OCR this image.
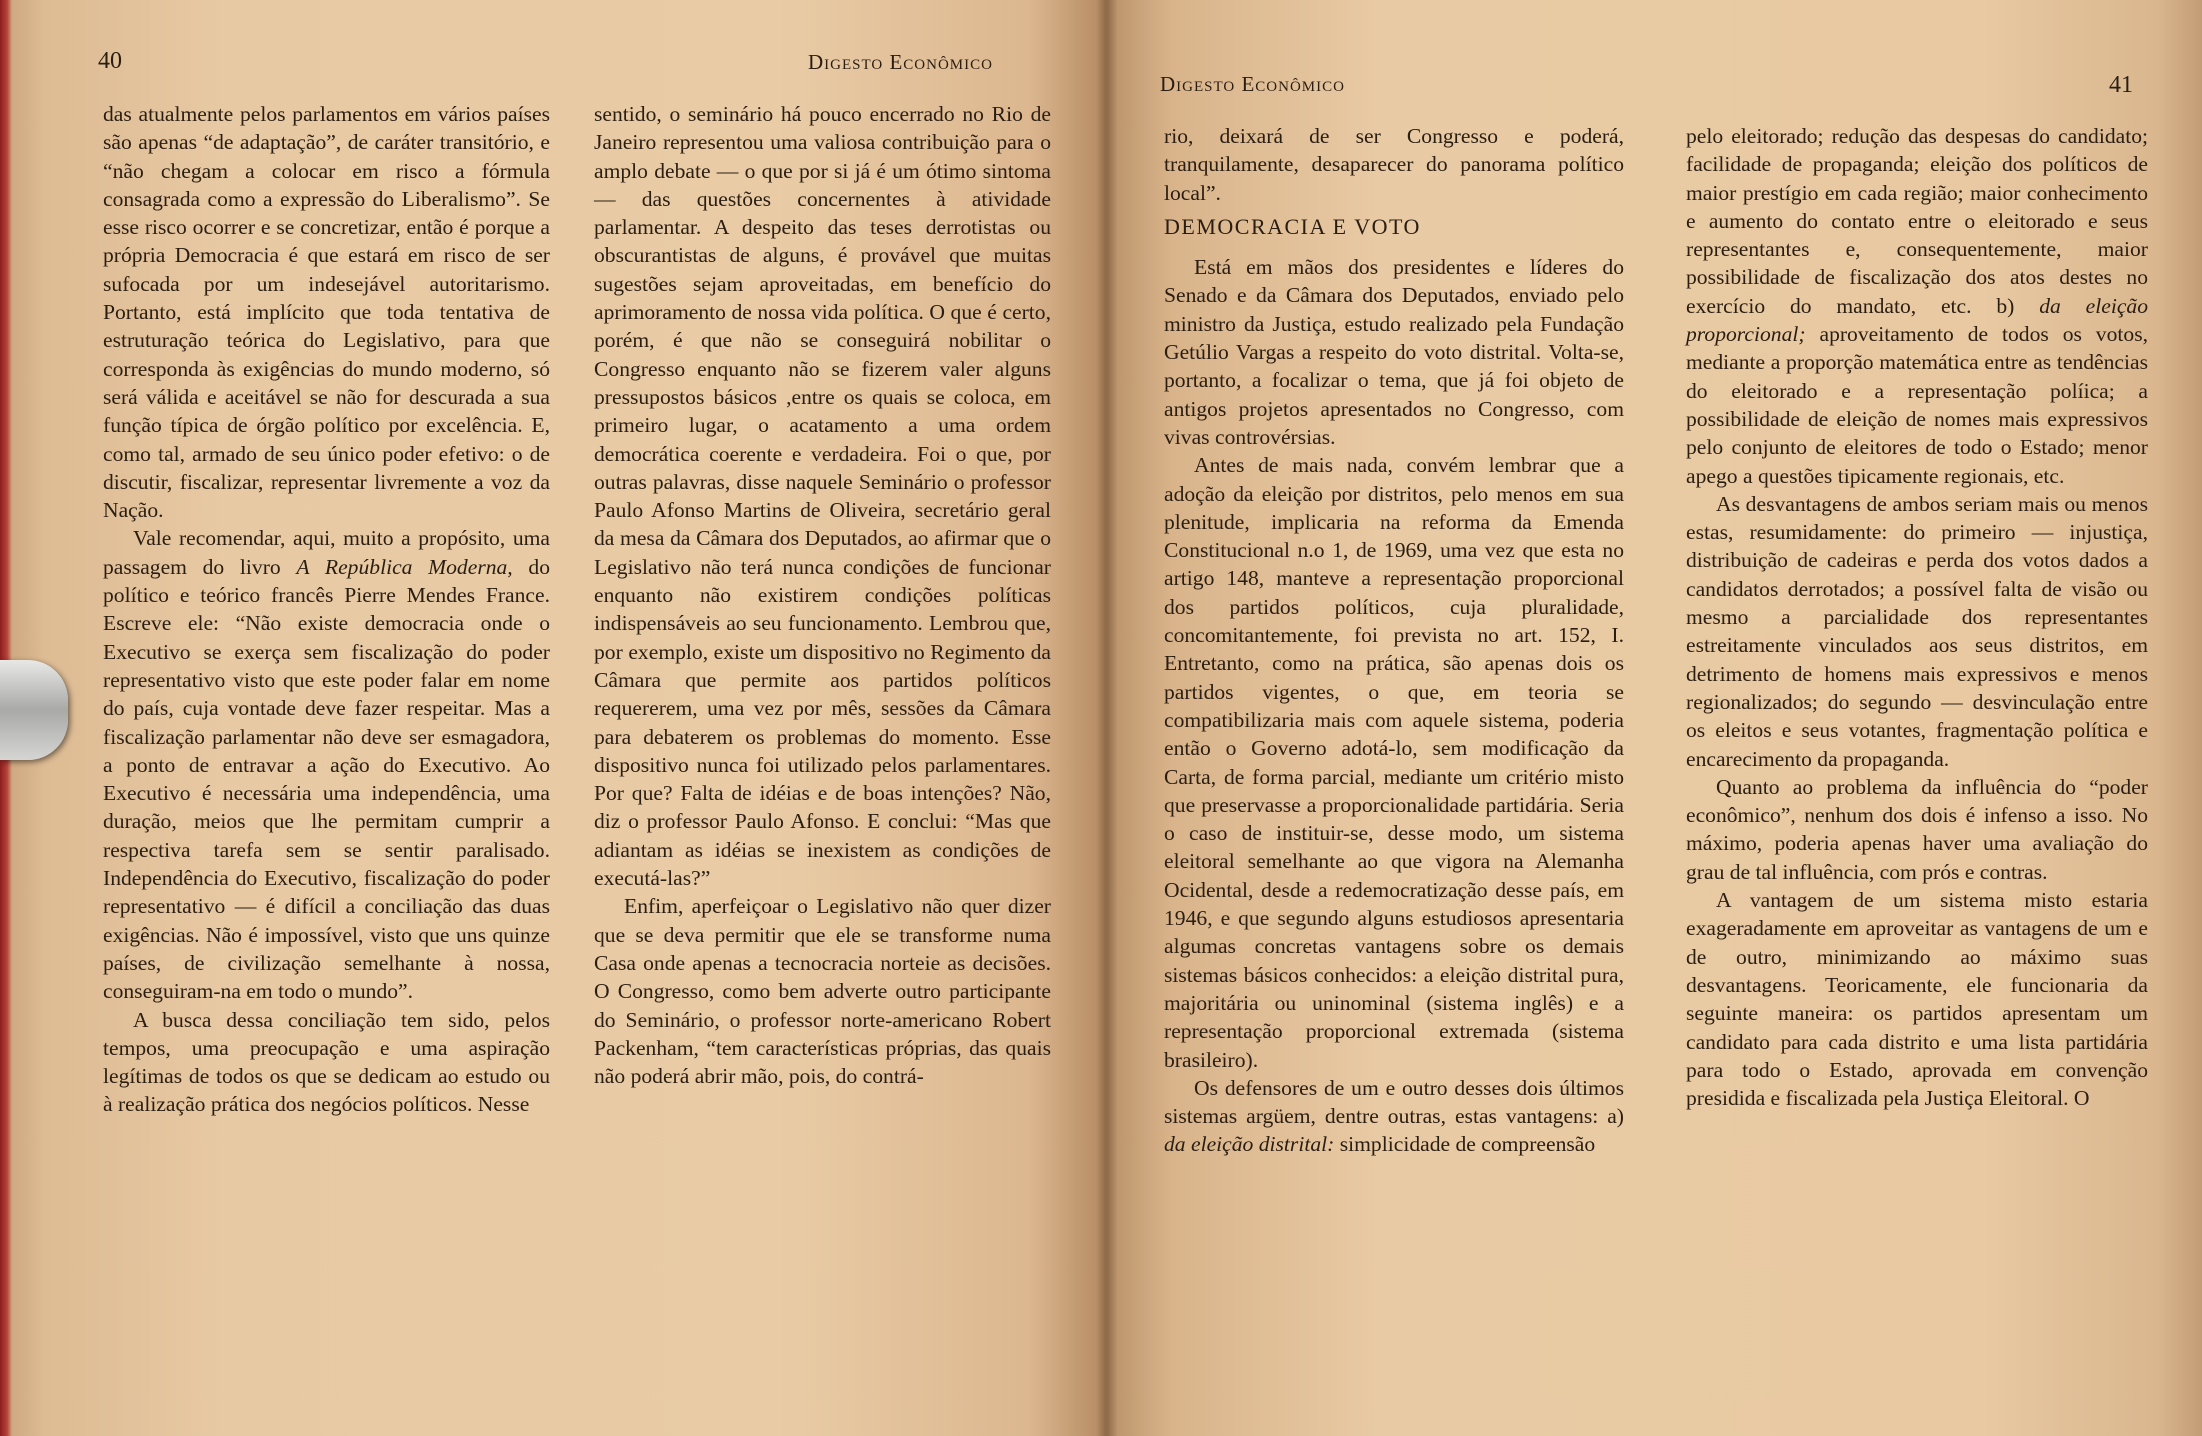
40	Digesto Econômico

das atualmente pelos parlamentos em vários países são apenas “de adaptação”, de caráter transitório, e “não chegam a colocar em risco a fórmula consagrada como a expressão do Liberalismo”. Se esse risco ocorrer e se concretizar, então é porque a própria Democracia é que estará em risco de ser sufocada por um indesejável autoritarismo. Portanto, está implícito que toda tentativa de estruturação teórica do Legislativo, para que corresponda às exigências do mundo moderno, só será válida e aceitável se não for descurada a sua função típica de órgão político por excelência. E, como tal, armado de seu único poder efetivo: o de discutir, fiscalizar, representar livremente a voz da Nação.

Vale recomendar, aqui, muito a propósito, uma passagem do livro A República Moderna, do político e teórico francês Pierre Mendes France. Escreve ele: “Não existe democracia onde o Executivo se exerça sem fiscalização do poder representativo visto que este poder falar em nome do país, cuja vontade deve fazer respeitar. Mas a fiscalização parlamentar não deve ser esmagadora, a ponto de entravar a ação do Executivo. Ao Executivo é necessária uma independência, uma duração, meios que lhe permitam cumprir a respectiva tarefa sem se sentir paralisado. Independência do Executivo, fiscalização do poder representativo — é difícil a conciliação das duas exigências. Não é impossível, visto que uns quinze países, de civilização semelhante à nossa, conseguiram-na em todo o mundo”.

A busca dessa conciliação tem sido, pelos tempos, uma preocupação e uma aspiração legítimas de todos os que se dedicam ao estudo ou à realização prática dos negócios políticos. Nesse

sentido, o seminário há pouco encerrado no Rio de Janeiro representou uma valiosa contribuição para o amplo debate — o que por si já é um ótimo sintoma — das questões concernentes à atividade parlamentar. A despeito das teses derrotistas ou obscurantistas de alguns, é provável que muitas sugestões sejam aproveitadas, em benefício do aprimoramento de nossa vida política. O que é certo, porém, é que não se conseguirá nobilitar o Congresso enquanto não se fizerem valer alguns pressupostos básicos ,entre os quais se coloca, em primeiro lugar, o acatamento a uma ordem democrática coerente e verdadeira. Foi o que, por outras palavras, disse naquele Seminário o professor Paulo Afonso Martins de Oliveira, secretário geral da mesa da Câmara dos Deputados, ao afirmar que o Legislativo não terá nunca condições de funcionar enquanto não existirem condições políticas indispensáveis ao seu funcionamento. Lembrou que, por exemplo, existe um dispositivo no Regimento da Câmara que permite aos partidos políticos requererem, uma vez por mês, sessões da Câmara para debaterem os problemas do momento. Esse dispositivo nunca foi utilizado pelos parlamentares. Por que? Falta de idéias e de boas intenções? Não, diz o professor Paulo Afonso. E conclui: “Mas que adiantam as idéias se inexistem as condições de executá-las?”

Enfim, aperfeiçoar o Legislativo não quer dizer que se deva permitir que ele se transforme numa Casa onde apenas a tecnocracia norteie as decisões. O Congresso, como bem adverte outro participante do Seminário, o professor norte-americano Robert Packenham, “tem características próprias, das quais não poderá abrir mão, pois, do contrá-

Digesto Econômico	41

rio, deixará de ser Congresso e poderá, tranquilamente, desaparecer do panorama político local”.

DEMOCRACIA E VOTO

Está em mãos dos presidentes e líderes do Senado e da Câmara dos Deputados, enviado pelo ministro da Justiça, estudo realizado pela Fundação Getúlio Vargas a respeito do voto distrital. Volta-se, portanto, a focalizar o tema, que já foi objeto de antigos projetos apresentados no Congresso, com vivas controvérsias.

Antes de mais nada, convém lembrar que a adoção da eleição por distritos, pelo menos em sua plenitude, implicaria na reforma da Emenda Constitucional n.o 1, de 1969, uma vez que esta no artigo 148, manteve a representação proporcional dos partidos políticos, cuja pluralidade, concomitantemente, foi prevista no art. 152, I. Entretanto, como na prática, são apenas dois os partidos vigentes, o que, em teoria se compatibilizaria mais com aquele sistema, poderia então o Governo adotá-lo, sem modificação da Carta, de forma parcial, mediante um critério misto que preservasse a proporcionalidade partidária. Seria o caso de instituir-se, desse modo, um sistema eleitoral semelhante ao que vigora na Alemanha Ocidental, desde a redemocratização desse país, em 1946, e que segundo alguns estudiosos apresentaria algumas concretas vantagens sobre os demais sistemas básicos conhecidos: a eleição distrital pura, majoritária ou uninominal (sistema inglês) e a representação proporcional extremada (sistema brasileiro).

Os defensores de um e outro desses dois últimos sistemas argüem, dentre outras, estas vantagens: a) da eleição distrital: simplicidade de compreensão

pelo eleitorado; redução das despesas do candidato; facilidade de propaganda; eleição dos políticos de maior prestígio em cada região; maior conhecimento e aumento do contato entre o eleitorado e seus representantes e, consequentemente, maior possibilidade de fiscalização dos atos destes no exercício do mandato, etc. b) da eleição proporcional; aproveitamento de todos os votos, mediante a proporção matemática entre as tendências do eleitorado e a representação políica; a possibilidade de eleição de nomes mais expressivos pelo conjunto de eleitores de todo o Estado; menor apego a questões tipicamente regionais, etc.

As desvantagens de ambos seriam mais ou menos estas, resumidamente: do primeiro — injustiça, distribuição de cadeiras e perda dos votos dados a candidatos derrotados; a possível falta de visão ou mesmo a parcialidade dos representantes estreitamente vinculados aos seus distritos, em detrimento de homens mais expressivos e menos regionalizados; do segundo — desvinculação entre os eleitos e seus votantes, fragmentação política e encarecimento da propaganda.

Quanto ao problema da influência do “poder econômico”, nenhum dos dois é infenso a isso. No máximo, poderia apenas haver uma avaliação do grau de tal influência, com prós e contras.

A vantagem de um sistema misto estaria exageradamente em aproveitar as vantagens de um e de outro, minimizando ao máximo suas desvantagens. Teoricamente, ele funcionaria da seguinte maneira: os partidos apresentam um candidato para cada distrito e uma lista partidária para todo o Estado, aprovada em convenção presidida e fiscalizada pela Justiça Eleitoral. O
